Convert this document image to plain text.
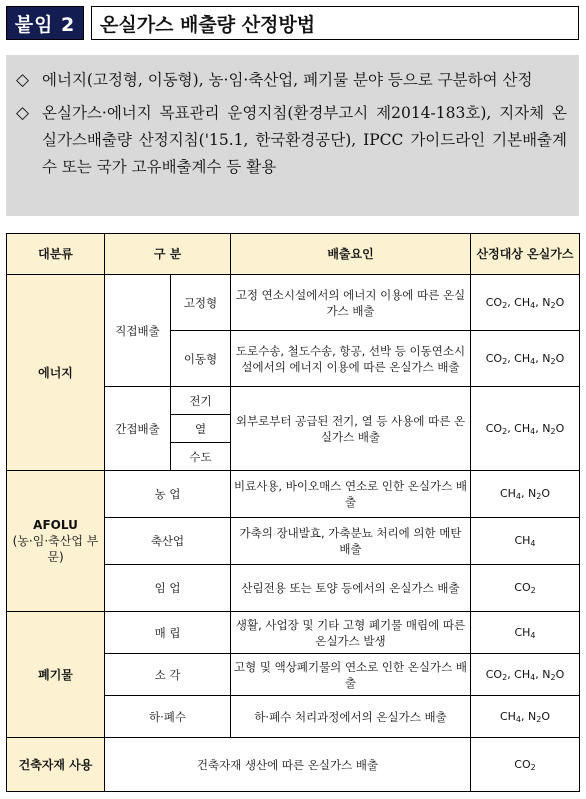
붙임 2	온실가스 배출량 산정방법
◇ 에너지(고정형, 이동형), 농·임·축산업, 폐기물 분야 등으로 구분하여 산정
◇ 온실가스·에너지 목표관리 운영지침(환경부고시 제2014-183호), 지자체 온실가스배출량 산정지침('15.1, 한국환경공단), IPCC 가이드라인 기본배출계수 또는 국가 고유배출계수 등 활용
대분류	구 분		배출요인	산정대상 온실가스
에너지	직접배출	고정형	고정 연소시설에서의 에너지 이용에 따른 온실가스 배출	$CO_2$, $CH_4$, $N_2O$
		이동형	도로수송, 철도수송, 항공, 선박 등 이동연소시설에서의 에너지 이용에 따른 온실가스 배출	$CO_2$, $CH_4$, $N_2O$
	간접배출	전기	외부로부터 공급된 전기, 열 등 사용에 따른 온실가스 배출	$CO_2$, $CH_4$, $N_2O$
		열		
		수도		

AFOLU
(농·임·축산업 부문)	농 업		비료사용, 바이오매스 연소로 인한 온실가스 배출	$CH_4$, $N_2O$
	축산업		가축의 장내발효, 가축분뇨 처리에 의한 메탄 배출	$CH_4$
	임 업		산림전용 또는 토양 등에서의 온실가스 배출	$CO_2$
폐기물	매 립		생활, 사업장 및 기타 고형 폐기물 매립에 따른 온실가스 발생	$CH_4$
	소 각		고형 및 액상폐기물의 연소로 인한 온실가스 배출	$CO_2$, $CH_4$, $N_2O$
	하·폐수		하·폐수 처리과정에서의 온실가스 배출	$CH_4$, $N_2O$
건축자재 사용	건축자재 생산에 따른 온실가스 배출			$CO_2$
